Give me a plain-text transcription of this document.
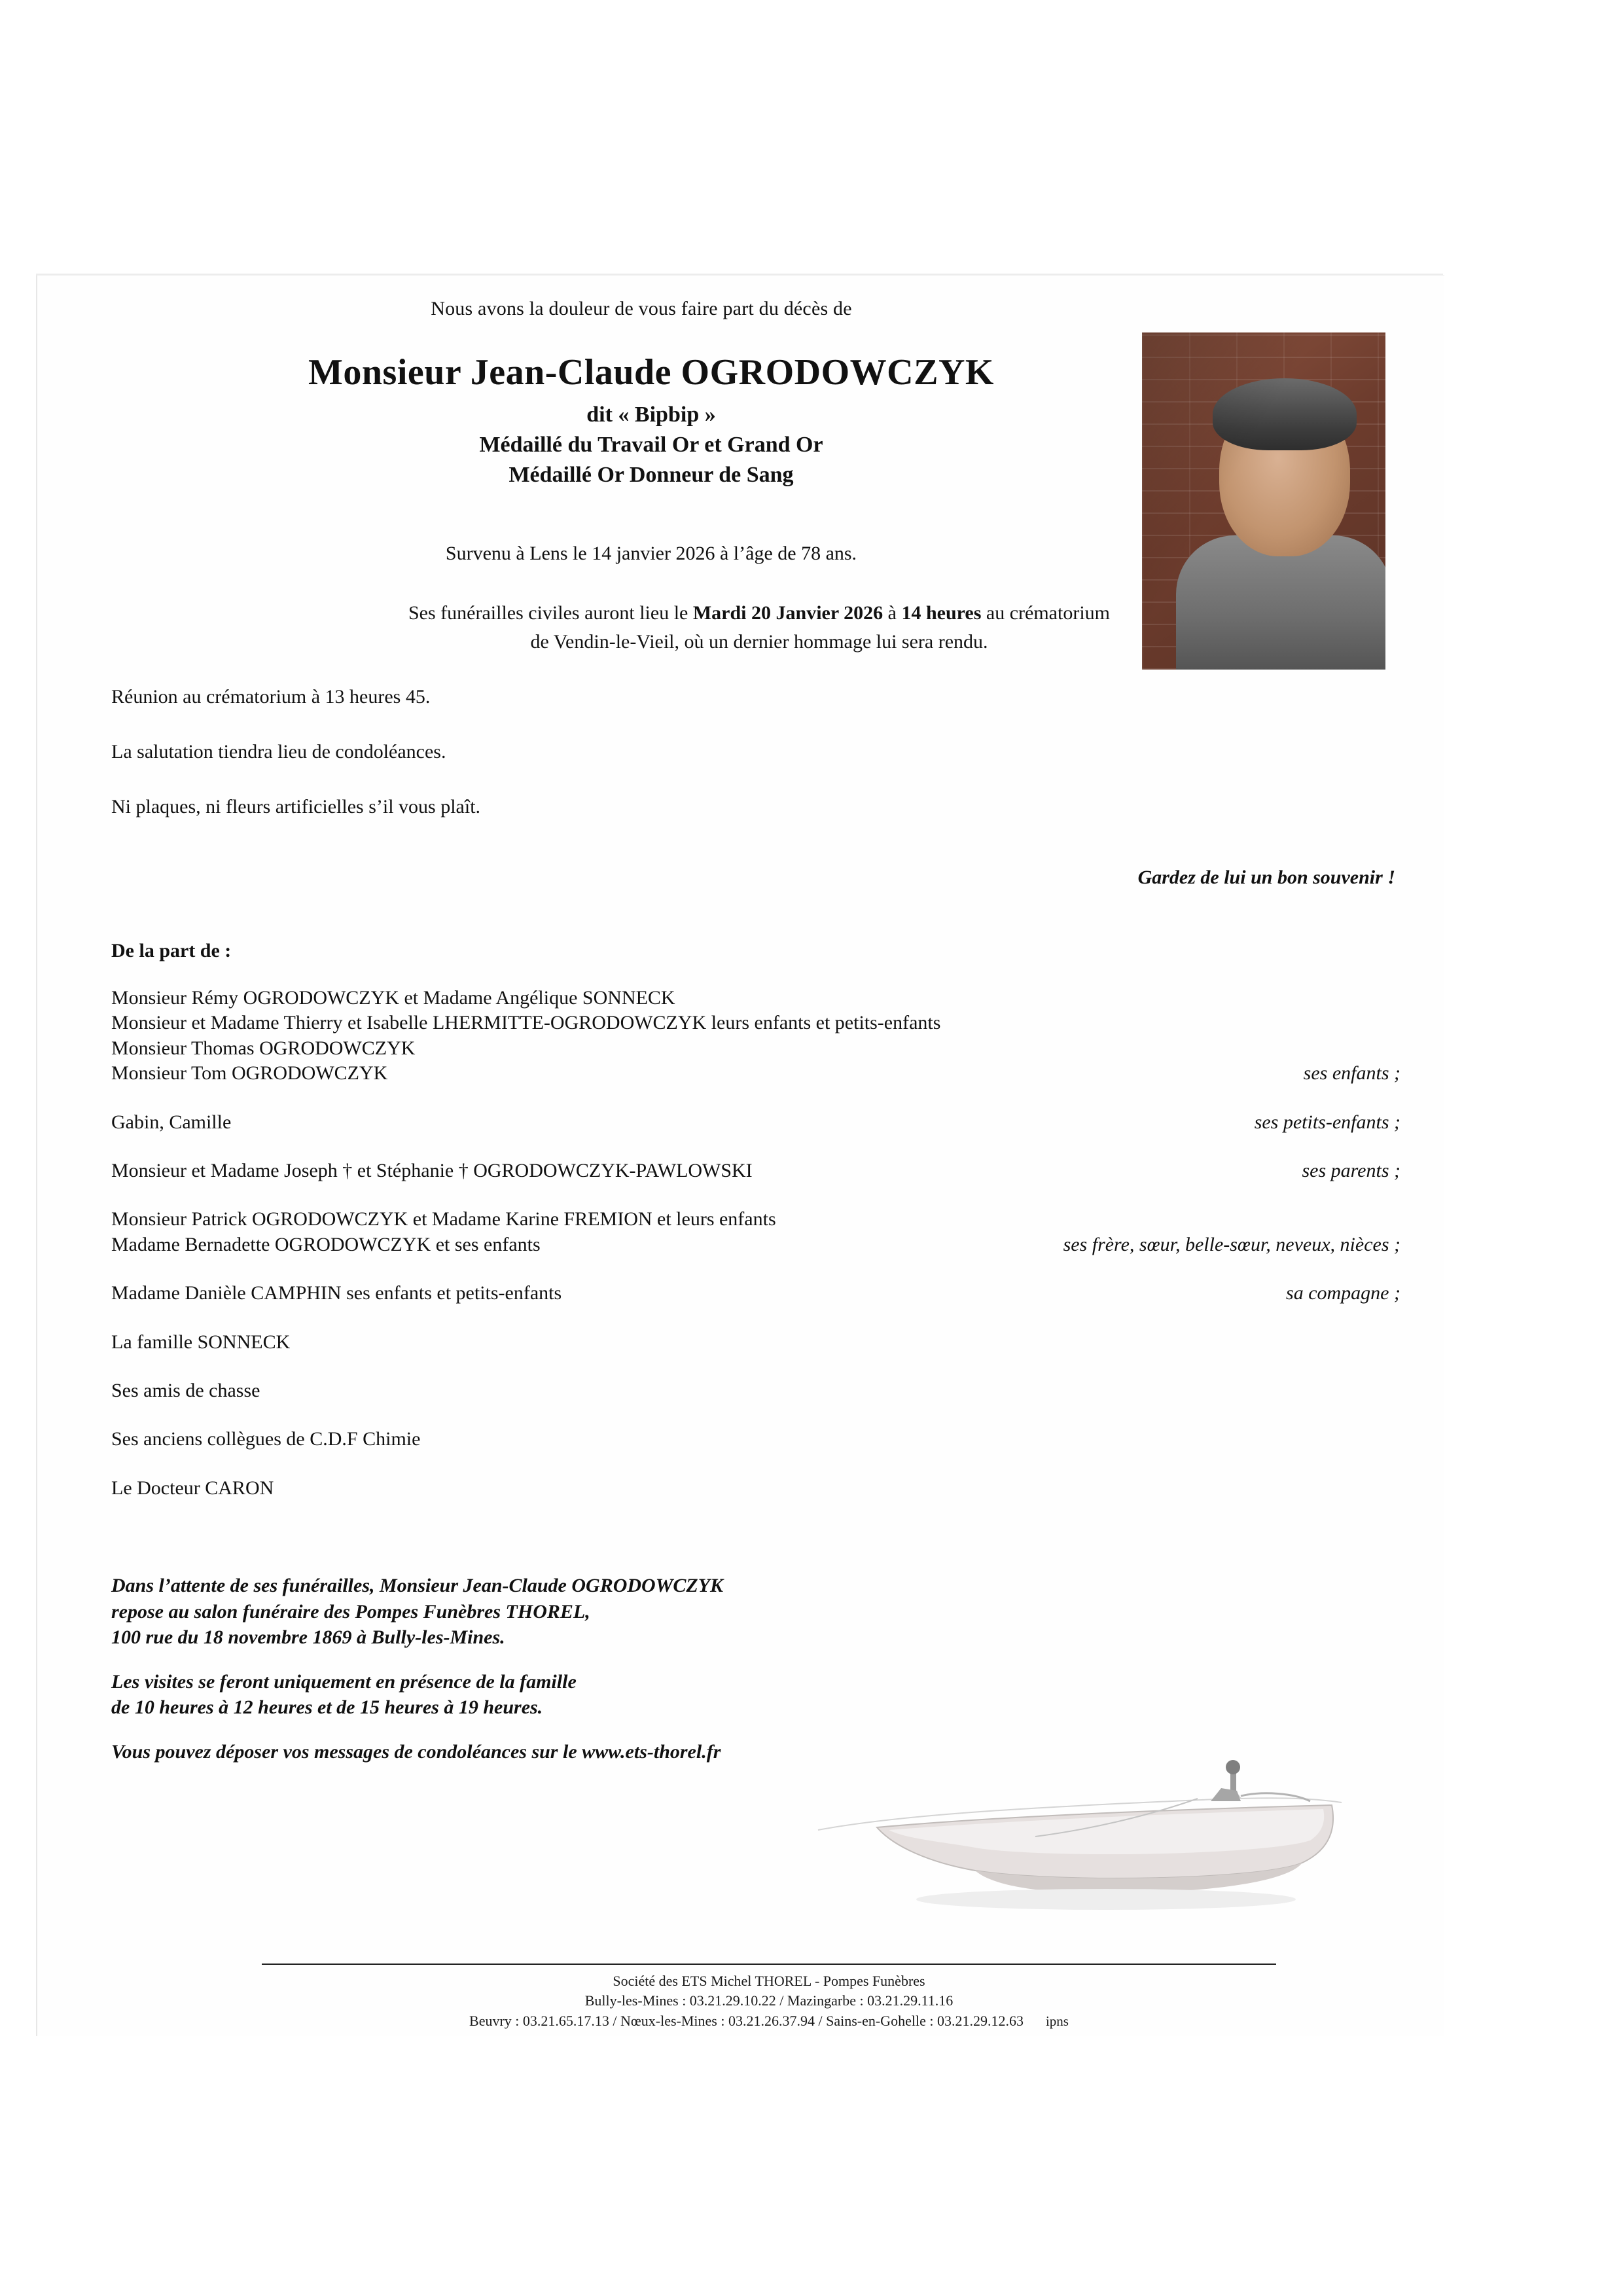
Nous avons la douleur de vous faire part du décès de

Monsieur Jean-Claude OGRODOWCZYK
dit « Bipbip »
Médaillé du Travail Or et Grand Or
Médaillé Or Donneur de Sang

Survenu à Lens le 14 janvier 2026 à l’âge de 78 ans.

Ses funérailles civiles auront lieu le Mardi 20 Janvier 2026 à 14 heures au crématorium
de Vendin-le-Vieil, où un dernier hommage lui sera rendu.

Réunion au crématorium à 13 heures 45.

La salutation tiendra lieu de condoléances.

Ni plaques, ni fleurs artificielles s’il vous plaît.

Gardez de lui un bon souvenir !

De la part de :

Monsieur Rémy OGRODOWCZYK et Madame Angélique SONNECK
Monsieur et Madame Thierry et Isabelle LHERMITTE-OGRODOWCZYK leurs enfants et petits-enfants
Monsieur Thomas OGRODOWCZYK
Monsieur Tom OGRODOWCZYK	ses enfants ;
Gabin, Camille	ses petits-enfants ;
Monsieur et Madame Joseph † et Stéphanie † OGRODOWCZYK-PAWLOWSKI	ses parents ;
Monsieur Patrick OGRODOWCZYK et Madame Karine FREMION et leurs enfants
Madame Bernadette OGRODOWCZYK et ses enfants	ses frère, sœur, belle-sœur, neveux, nièces ;
Madame Danièle CAMPHIN ses enfants et petits-enfants	sa compagne ;
La famille SONNECK
Ses amis de chasse
Ses anciens collègues de C.D.F Chimie
Le Docteur CARON

Dans l’attente de ses funérailles, Monsieur Jean-Claude OGRODOWCZYK
repose au salon funéraire des Pompes Funèbres THOREL,
100 rue du 18 novembre 1869 à Bully-les-Mines.

Les visites se feront uniquement en présence de la famille
de 10 heures à 12 heures et de 15 heures à 19 heures.

Vous pouvez déposer vos messages de condoléances sur le www.ets-thorel.fr

Société des ETS Michel THOREL - Pompes Funèbres
Bully-les-Mines : 03.21.29.10.22 / Mazingarbe : 03.21.29.11.16
Beuvry : 03.21.65.17.13 / Nœux-les-Mines : 03.21.26.37.94 / Sains-en-Gohelle : 03.21.29.12.63 ipns
